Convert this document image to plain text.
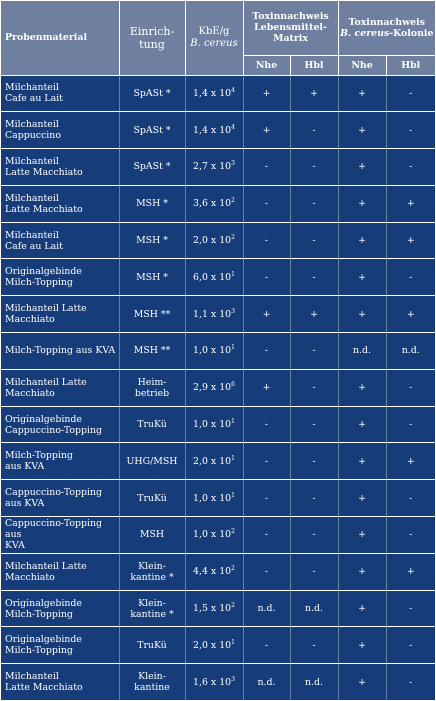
Probenmaterial	Einrich-
tung	KbE/g
B. cereus	Toxinnachweis
Lebensmittel-
Matrix		Toxinnachweis
B. cereus-Kolonie	
			Nhe	Hbl	Nhe	Hbl
Milchanteil
Cafe au Lait	SpASt *	1,4 x $10^4$	+	+	+	-
Milchanteil
Cappuccino	SpASt *	1,4 x $10^4$	+	-	+	-
Milchanteil
Latte Macchiato	SpASt *	2,7 x $10^3$	-	-	+	-
Milchanteil
Latte Macchiato	MSH *	3,6 x $10^2$	-	-	+	+
Milchanteil
Cafe au Lait	MSH *	2,0 x $10^2$	-	-	+	+
Originalgebinde
Milch-Topping	MSH *	6,0 x $10^1$	-	-	+	-
Milchanteil Latte
Macchiato	MSH **	1,1 x $10^3$	+	+	+	+
Milch-Topping aus KVA	MSH **	1,0 x $10^1$	-	-	n.d.	n.d.
Milchanteil Latte
Macchiato	Heim-
betrieb	2,9 x $10^6$	+	-	+	-
Originalgebinde
Cappuccino-Topping	TruKü	1,0 x $10^1$	-	-	+	-
Milch-Topping
aus KVA	UHG/MSH	2,0 x $10^1$	-	-	+	+
Cappuccino-Topping
aus KVA	TruKü	1,0 x $10^1$	-	-	+	-
Cappuccino-Topping aus
KVA	MSH	1,0 x $10^2$	-	-	+	-
Milchanteil Latte
Macchiato	Klein-
kantine *	4,4 x $10^2$	-	-	+	+
Originalgebinde
Milch-Topping	Klein-
kantine *	1,5 x $10^2$	n.d.	n.d.	+	-
Originalgebinde
Milch-Topping	TruKü	2,0 x $10^1$	-	-	+	-
Milchanteil
Latte Macchiato	Klein-
kantine	1,6 x $10^3$	n.d.	n.d.	+	-
